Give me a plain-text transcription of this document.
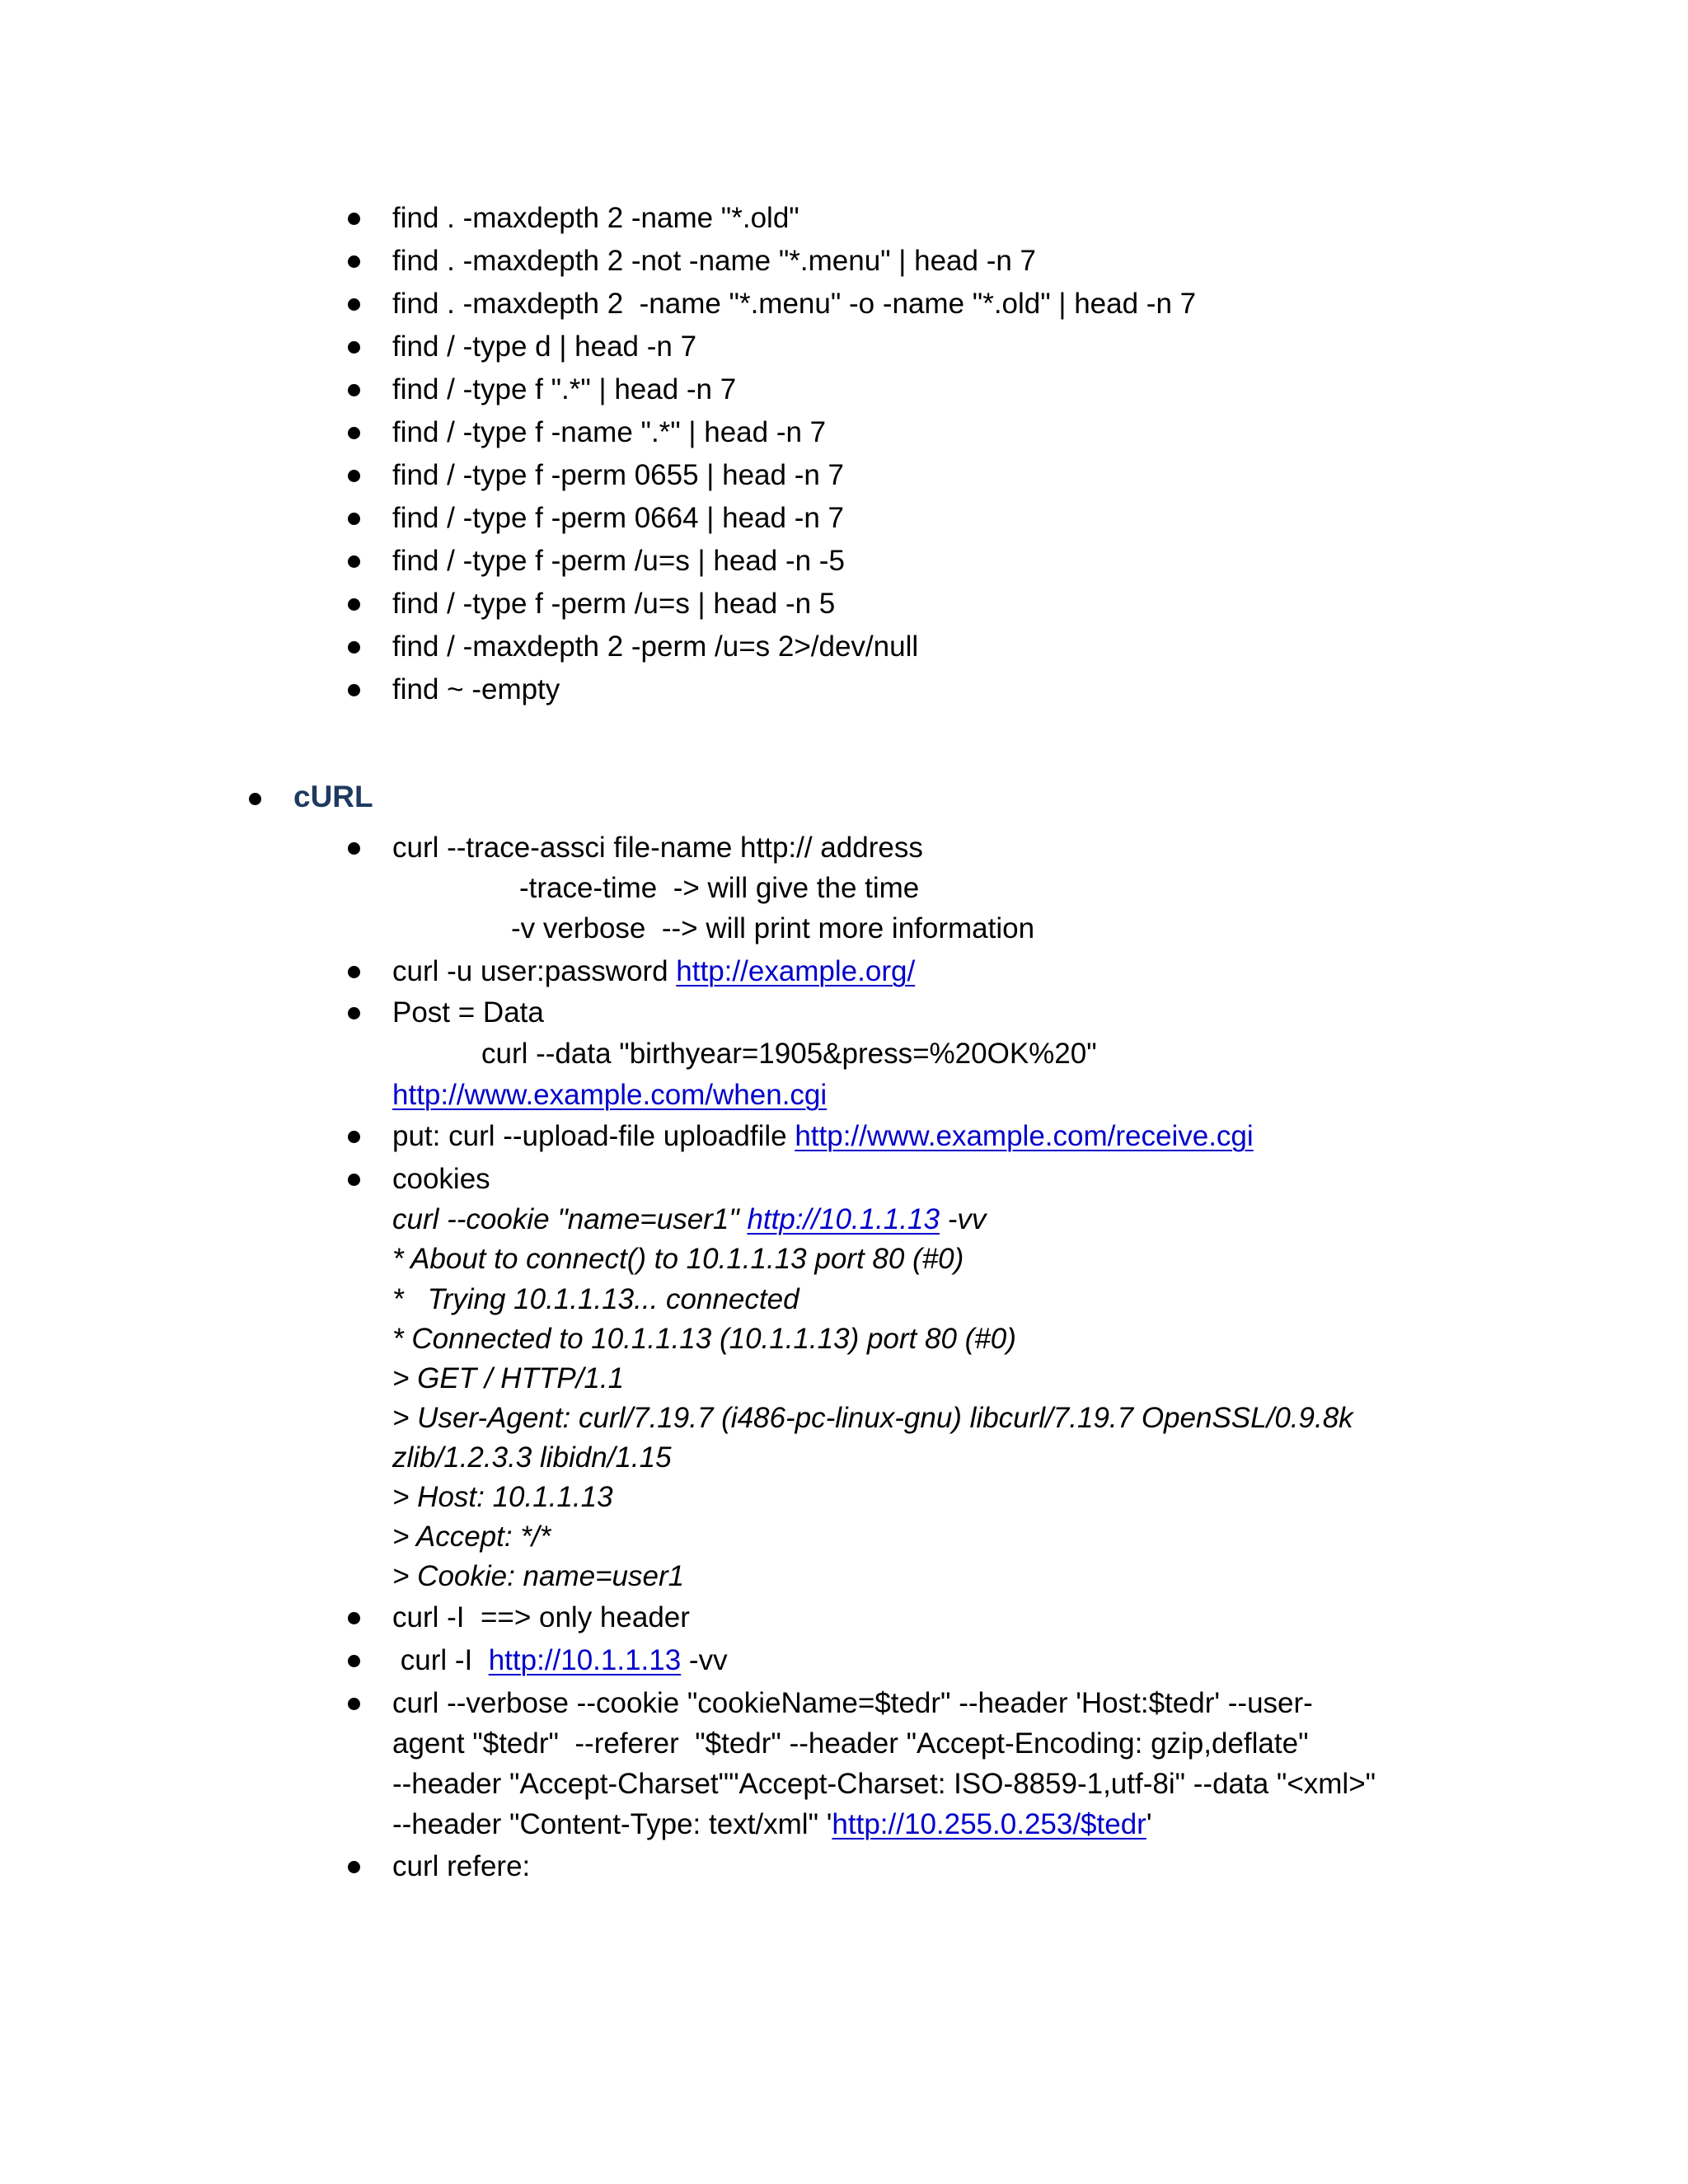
find . -maxdepth 2 -name "*.old"

find . -maxdepth 2 -not -name "*.menu" | head -n 7

find . -maxdepth 2  -name "*.menu" -o -name "*.old" | head -n 7

find / -type d | head -n 7

find / -type f ".*" | head -n 7

find / -type f -name ".*" | head -n 7

find / -type f -perm 0655 | head -n 7

find / -type f -perm 0664 | head -n 7

find / -type f -perm /u=s | head -n -5

find / -type f -perm /u=s | head -n 5

find / -maxdepth 2 -perm /u=s 2>/dev/null

find ~ -empty

cURL

curl --trace-assci file-name http:// address

-trace-time  -> will give the time

-v verbose  --> will print more information

curl -u user:password http://example.org/

Post = Data

curl --data "birthyear=1905&press=%20OK%20"

http://www.example.com/when.cgi

put: curl --upload-file uploadfile http://www.example.com/receive.cgi

cookies

curl --cookie "name=user1" http://10.1.1.13 -vv

* About to connect() to 10.1.1.13 port 80 (#0)

*   Trying 10.1.1.13... connected

* Connected to 10.1.1.13 (10.1.1.13) port 80 (#0)

> GET / HTTP/1.1

> User-Agent: curl/7.19.7 (i486-pc-linux-gnu) libcurl/7.19.7 OpenSSL/0.9.8k

zlib/1.2.3.3 libidn/1.15

> Host: 10.1.1.13

> Accept: */*

> Cookie: name=user1

curl -I  ==> only header

curl -I  http://10.1.1.13 -vv

curl --verbose --cookie "cookieName=$tedr" --header 'Host:$tedr' --user-

agent "$tedr"  --referer  "$tedr" --header "Accept-Encoding: gzip,deflate"

--header "Accept-Charset""Accept-Charset: ISO-8859-1,utf-8i" --data "<xml>"

--header "Content-Type: text/xml" 'http://10.255.0.253/$tedr'

curl refere:
